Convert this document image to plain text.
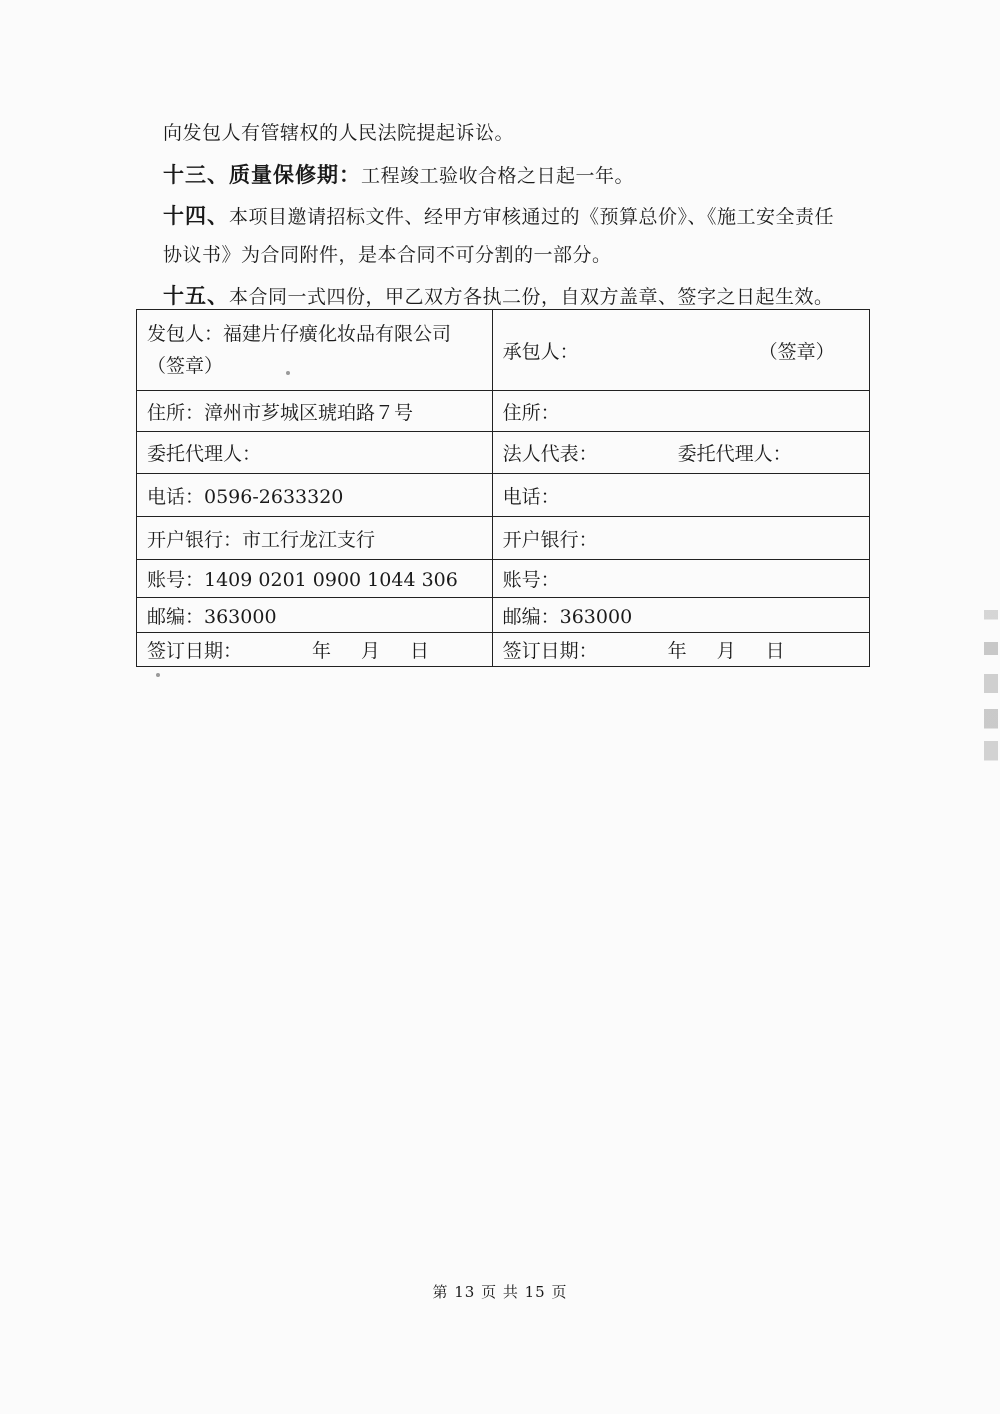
向发包人有管辖权的人民法院提起诉讼。
十三、质量保修期：工程竣工验收合格之日起一年。
十四、本项目邀请招标文件、经甲方审核通过的《预算总价》、《施工安全责任
协议书》为合同附件，是本合同不可分割的一部分。
十五、本合同一式四份，甲乙双方各执二份，自双方盖章、签字之日起生效。
发包人：福建片仔癀化妆品有限公司（签章）	承包人： （签章）
住所：漳州市芗城区琥珀路７号	住所：
委托代理人：	法人代表： 委托代理人：
电话：0596-2633320	电话：
开户银行：市工行龙江支行	开户银行：
账号：1409 0201 0900 1044 306	账号：
邮编：363000	邮编：363000
签订日期： 年 月 日	签订日期： 年 月 日
第 13 页 共 15 页
